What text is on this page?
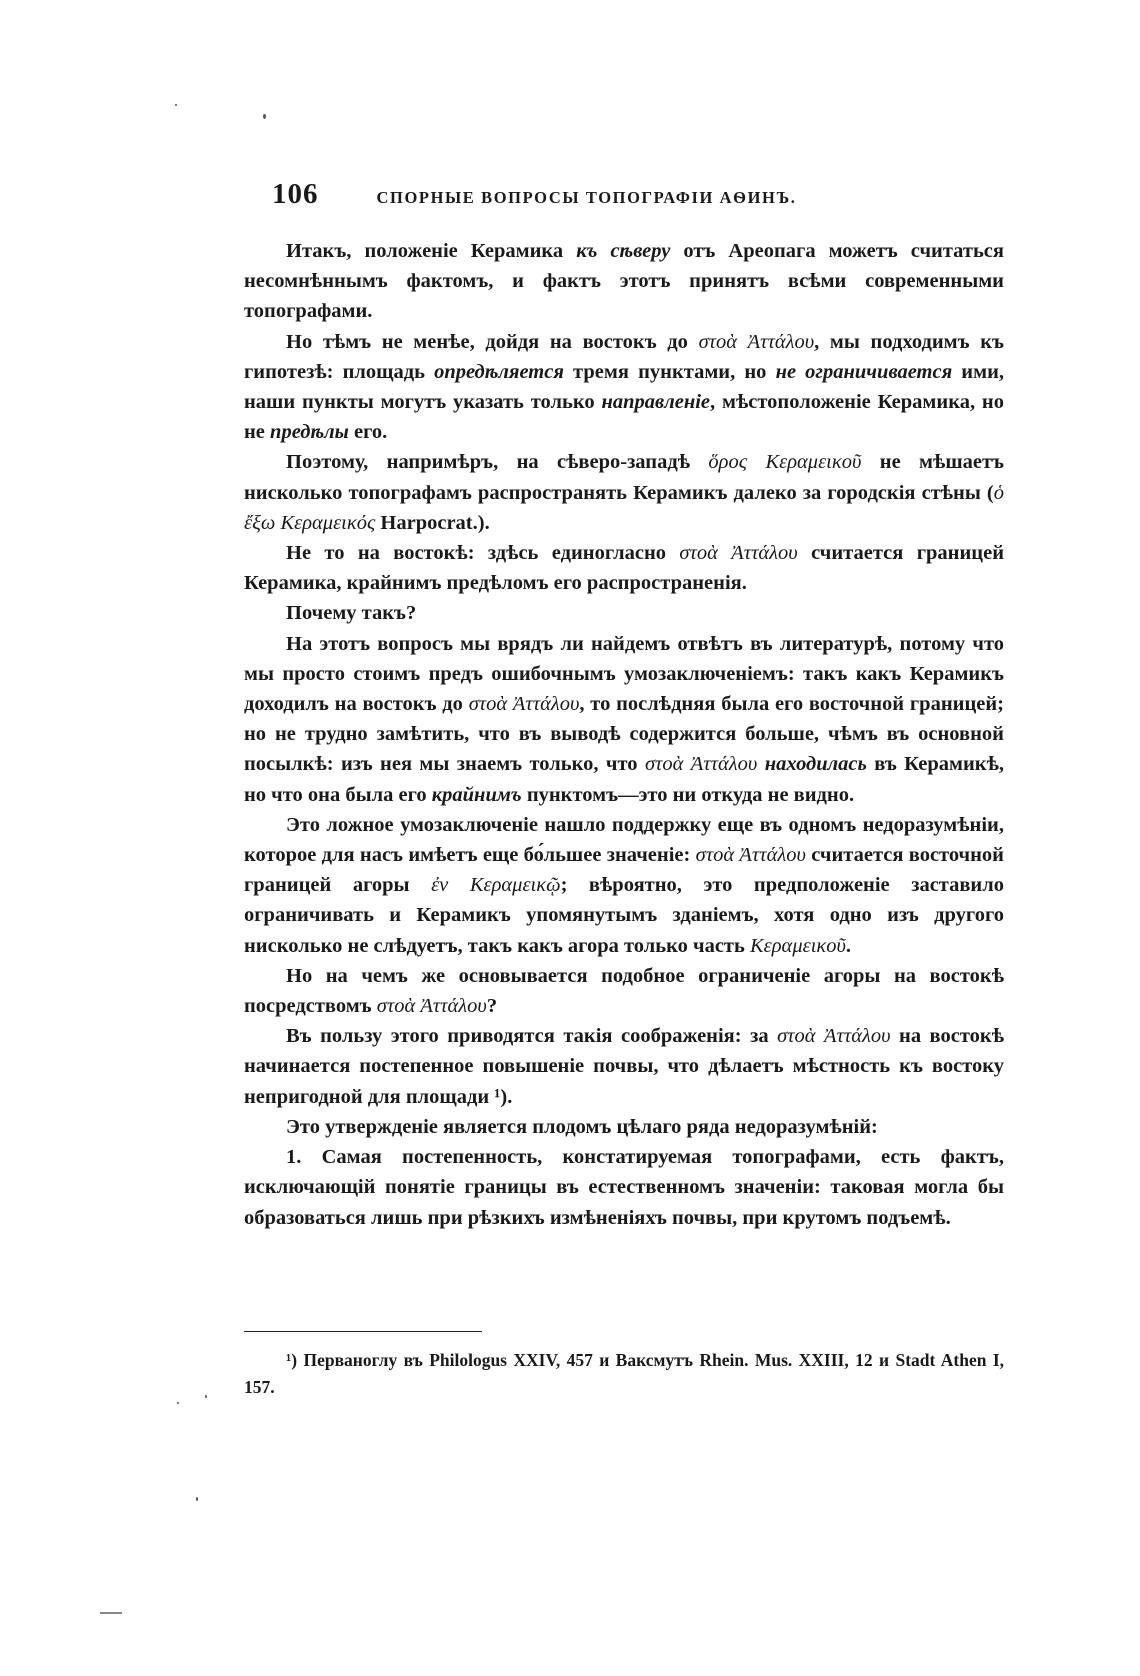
106	СПОРНЫЕ ВОПРОСЫ ТОПОГРАФІИ АѲИНЪ.

Итакъ, положеніе Керамика къ сѣверу отъ Ареопага можетъ считаться несомнѣннымъ фактомъ, и фактъ этотъ принятъ всѣми современными топографами.

Но тѣмъ не менѣе, дойдя на востокъ до στοὰ Ἀττάλου, мы подходимъ къ гипотезѣ: площадь опредѣляется тремя пунктами, но не ограничивается ими, наши пункты могутъ указать только направленіе, мѣстоположеніе Керамика, но не предѣлы его.

Поэтому, напримѣръ, на сѣверо-западѣ ὅρος Κεραμεικοῦ не мѣшаетъ нисколько топографамъ распространять Керамикъ далеко за городскія стѣны (ὁ ἔξω Κεραμεικός Harpocrat.).

Не то на востокѣ: здѣсь единогласно στοὰ Ἀττάλου считается границей Керамика, крайнимъ предѣломъ его распространенія.

Почему такъ?

На этотъ вопросъ мы врядъ ли найдемъ отвѣтъ въ литературѣ, потому что мы просто стоимъ предъ ошибочнымъ умозаключеніемъ: такъ какъ Керамикъ доходилъ на востокъ до στοὰ Ἀττάλου, то послѣдняя была его восточной границей; но не трудно замѣтить, что въ выводѣ содержится больше, чѣмъ въ основной посылкѣ: изъ нея мы знаемъ только, что στοὰ Ἀττάλου находилась въ Керамикѣ, но что она была его крайнимъ пунктомъ—это ни откуда не видно.

Это ложное умозаключеніе нашло поддержку еще въ одномъ недоразумѣніи, которое для насъ имѣетъ еще бо́льшее значеніе: στοὰ Ἀττάλου считается восточной границей агоры ἐν Κεραμεικῷ; вѣроятно, это предположеніе заставило ограничивать и Керамикъ упомянутымъ зданіемъ, хотя одно изъ другого нисколько не слѣдуетъ, такъ какъ агора только часть Κεραμεικοῦ.

Но на чемъ же основывается подобное ограниченіе агоры на востокѣ посредствомъ στοὰ Ἀττάλου?

Въ пользу этого приводятся такія соображенія: за στοὰ Ἀττάλου на востокѣ начинается постепенное повышеніе почвы, что дѣлаетъ мѣстность къ востоку непригодной для площади ¹).

Это утвержденіе является плодомъ цѣлаго ряда недоразумѣній:

1. Самая постепенность, констатируемая топографами, есть фактъ, исключающій понятіе границы въ естественномъ значеніи: таковая могла бы образоваться лишь при рѣзкихъ измѣненіяхъ почвы, при крутомъ подъемѣ.

¹) Перваноглу въ Philologus XXIV, 457 и Ваксмутъ Rhein. Mus. XXIII, 12 и Stadt Athen I, 157.
